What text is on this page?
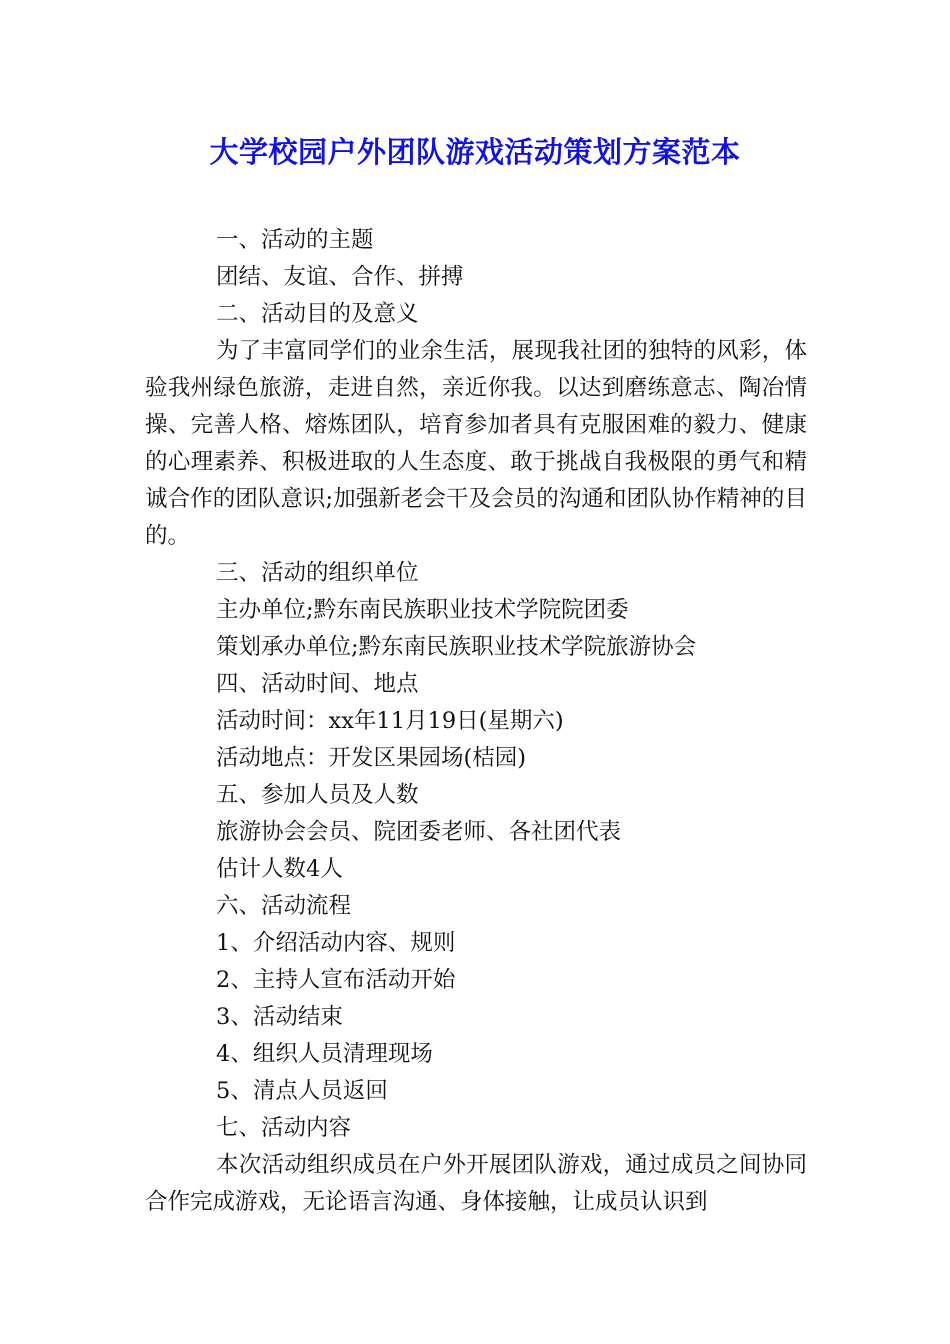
大学校园户外团队游戏活动策划方案范本

一、活动的主题

团结、友谊、合作、拼搏

二、活动目的及意义

为了丰富同学们的业余生活，展现我社团的独特的风彩，体验我州绿色旅游，走进自然，亲近你我。以达到磨练意志、陶冶情操、完善人格、熔炼团队，培育参加者具有克服困难的毅力、健康的心理素养、积极进取的人生态度、敢于挑战自我极限的勇气和精诚合作的团队意识;加强新老会干及会员的沟通和团队协作精神的目的。

三、活动的组织单位

主办单位;黔东南民族职业技术学院院团委

策划承办单位;黔东南民族职业技术学院旅游协会

四、活动时间、地点

活动时间：xx年11月19日(星期六)

活动地点：开发区果园场(桔园)

五、参加人员及人数

旅游协会会员、院团委老师、各社团代表

估计人数4人

六、活动流程

1、介绍活动内容、规则

2、主持人宣布活动开始

3、活动结束

4、组织人员清理现场

5、清点人员返回

七、活动内容

本次活动组织成员在户外开展团队游戏，通过成员之间协同合作完成游戏，无论语言沟通、身体接触，让成员认识到
